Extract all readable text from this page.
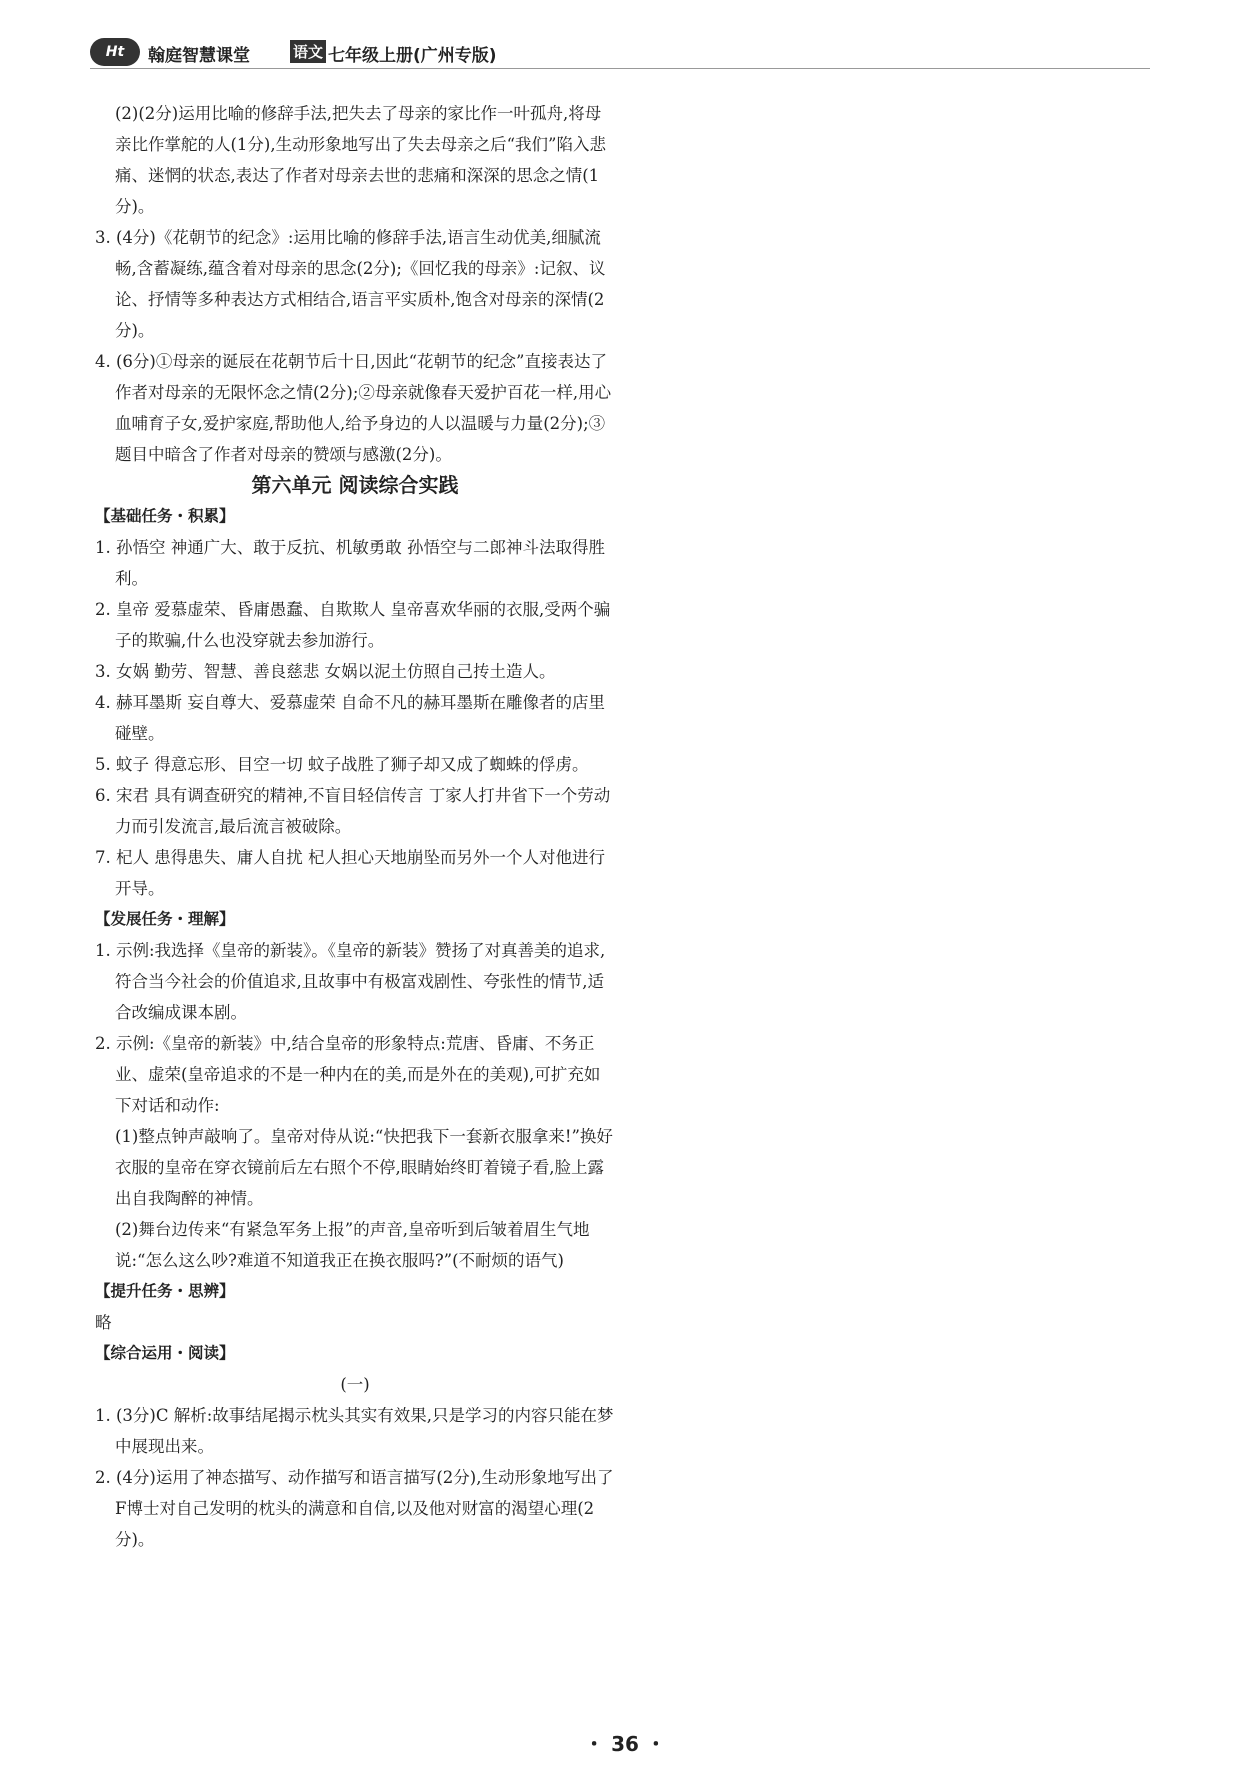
Ht	翰庭智慧课堂	语文 七年级上册(广州专版)

(2)(2分)运用比喻的修辞手法,把失去了母亲的家比作一叶孤舟,将母亲比作掌舵的人(1分),生动形象地写出了失去母亲之后“我们”陷入悲痛、迷惘的状态,表达了作者对母亲去世的悲痛和深深的思念之情(1分)。

3. (4分)《花朝节的纪念》:运用比喻的修辞手法,语言生动优美,细腻流畅,含蓄凝练,蕴含着对母亲的思念(2分);《回忆我的母亲》:记叙、议论、抒情等多种表达方式相结合,语言平实质朴,饱含对母亲的深情(2分)。

4. (6分)①母亲的诞辰在花朝节后十日,因此“花朝节的纪念”直接表达了作者对母亲的无限怀念之情(2分);②母亲就像春天爱护百花一样,用心血哺育子女,爱护家庭,帮助他人,给予身边的人以温暖与力量(2分);③题目中暗含了作者对母亲的赞颂与感激(2分)。

第六单元 阅读综合实践

【基础任务・积累】

1. 孙悟空 神通广大、敢于反抗、机敏勇敢 孙悟空与二郎神斗法取得胜利。

2. 皇帝 爱慕虚荣、昏庸愚蠢、自欺欺人 皇帝喜欢华丽的衣服,受两个骗子的欺骗,什么也没穿就去参加游行。

3. 女娲 勤劳、智慧、善良慈悲 女娲以泥土仿照自己抟土造人。

4. 赫耳墨斯 妄自尊大、爱慕虚荣 自命不凡的赫耳墨斯在雕像者的店里碰壁。

5. 蚊子 得意忘形、目空一切 蚊子战胜了狮子却又成了蜘蛛的俘虏。

6. 宋君 具有调查研究的精神,不盲目轻信传言 丁家人打井省下一个劳动力而引发流言,最后流言被破除。

7. 杞人 患得患失、庸人自扰 杞人担心天地崩坠而另外一个人对他进行开导。

【发展任务・理解】

1. 示例:我选择《皇帝的新装》。《皇帝的新装》赞扬了对真善美的追求,符合当今社会的价值追求,且故事中有极富戏剧性、夸张性的情节,适合改编成课本剧。

2. 示例:《皇帝的新装》中,结合皇帝的形象特点:荒唐、昏庸、不务正业、虚荣(皇帝追求的不是一种内在的美,而是外在的美观),可扩充如下对话和动作:

(1)整点钟声敲响了。皇帝对侍从说:“快把我下一套新衣服拿来!”换好衣服的皇帝在穿衣镜前后左右照个不停,眼睛始终盯着镜子看,脸上露出自我陶醉的神情。

(2)舞台边传来“有紧急军务上报”的声音,皇帝听到后皱着眉生气地说:“怎么这么吵?难道不知道我正在换衣服吗?”(不耐烦的语气)

【提升任务・思辨】

略

【综合运用・阅读】

(一)

1. (3分)C 解析:故事结尾揭示枕头其实有效果,只是学习的内容只能在梦中展现出来。

2. (4分)运用了神态描写、动作描写和语言描写(2分),生动形象地写出了F博士对自己发明的枕头的满意和自信,以及他对财富的渴望心理(2分)。

・ 36 ・
